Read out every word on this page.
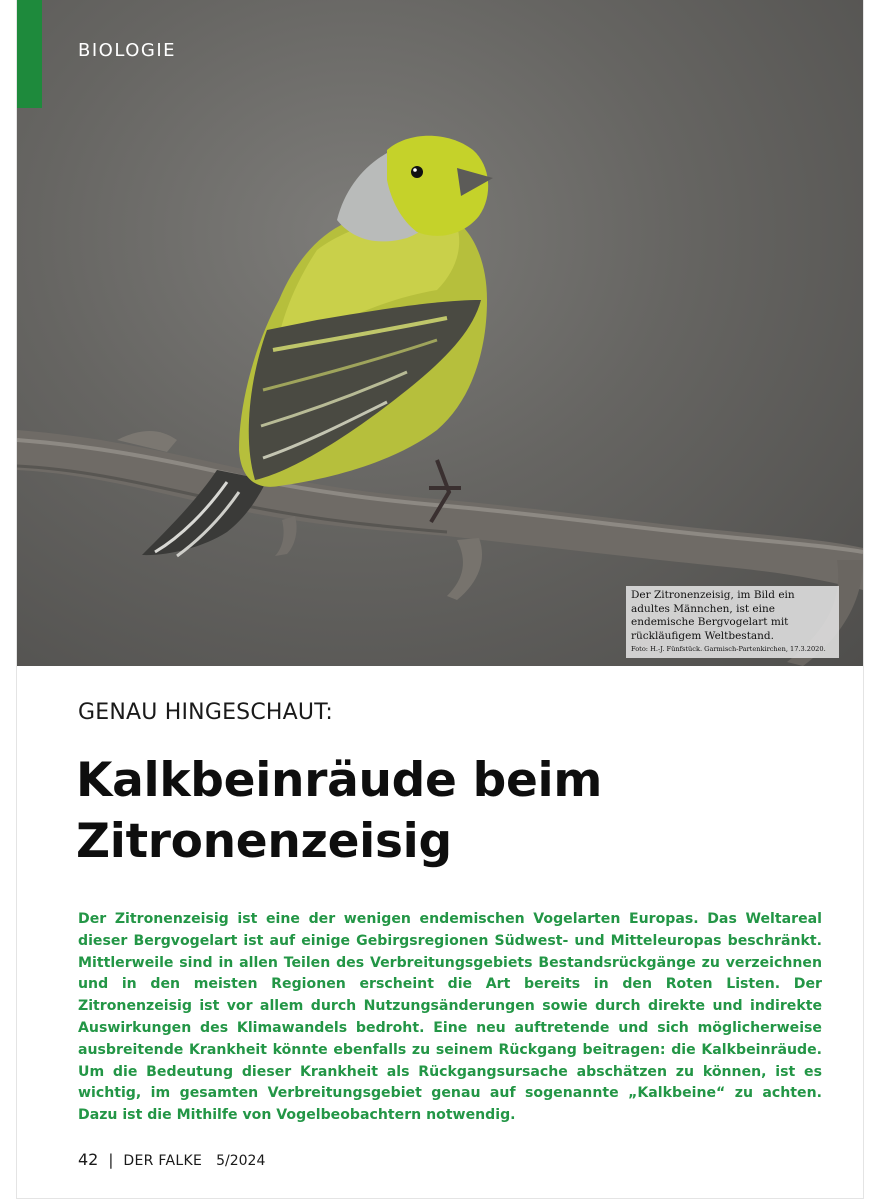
BIOLOGIE
Der Zitronenzeisig, im Bild ein adultes Männchen, ist eine endemische Bergvogelart mit rückläufigem Weltbestand.
Foto: H.-J. Fünfstück. Garmisch-Partenkirchen, 17.3.2020.
GENAU HINGESCHAUT:
Kalkbeinräude beim
Zitronenzeisig

Der Zitronenzeisig ist eine der wenigen endemischen Vogelarten Europas. Das Weltareal dieser Bergvogelart ist auf einige Gebirgsregionen Südwest- und Mitteleuropas beschränkt. Mittlerweile sind in allen Teilen des Verbreitungsgebiets Bestandsrückgänge zu verzeichnen und in den meisten Regionen erscheint die Art bereits in den Roten Listen. Der Zitronenzeisig ist vor allem durch Nutzungsänderungen sowie durch direkte und indirekte Auswirkungen des Klimawandels bedroht. Eine neu auftretende und sich möglicherweise ausbreitende Krankheit könnte ebenfalls zu seinem Rückgang beitragen: die Kalkbeinräude. Um die Bedeutung dieser Krankheit als Rückgangsursache abschätzen zu können, ist es wichtig, im gesamten Verbreitungsgebiet genau auf sogenannte „Kalkbeine“ zu achten. Dazu ist die Mithilfe von Vogelbeobachtern notwendig.

42 | DER FALKE 5/2024
